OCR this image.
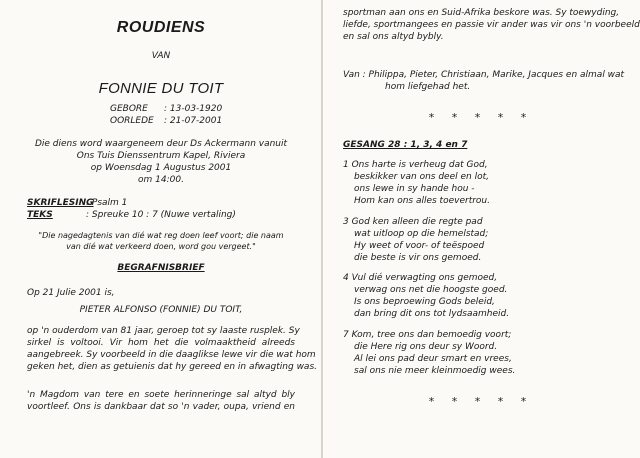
ROUDIENS
VAN
FONNIE DU TOIT
GEBORE : 13-03-1920
OORLEDE : 21-07-2001
Die diens word waargeneem deur Ds Ackermann vanuit
Ons Tuis Dienssentrum Kapel, Riviera
op Woensdag 1 Augustus 2001
om 14:00.
SKRIFLESING
: Psalm 1
TEKS	: Spreuke 10 : 7 (Nuwe vertaling)
"Die nagedagtenis van dié wat reg doen leef voort; die naam
van dié wat verkeerd doen, word gou vergeet."
BEGRAFNISBRIEF
Op 21 Julie 2001 is,
PIETER ALFONSO (FONNIE) DU TOIT,
op 'n ouderdom van 81 jaar, geroep tot sy laaste rusplek. Sy
sirkel is voltooi. Vir hom het die volmaaktheid alreeds
aangebreek. Sy voorbeeld in die daaglikse lewe vir die wat hom
geken het, dien as getuienis dat hy gereed en in afwagting was.
'n Magdom van tere en soete herinneringe sal altyd bly
voortleef. Ons is dankbaar dat so 'n vader, oupa, vriend en
sportman aan ons en Suid-Afrika beskore was. Sy toewyding,
liefde, sportmangees en passie vir ander was vir ons 'n voorbeeld
en sal ons altyd bybly.
Van : Philippa, Pieter, Christiaan, Marike, Jacques en almal wat
hom liefgehad het.
* * * * *
GESANG 28 : 1, 3, 4 en 7
1 Ons harte is verheug dat God,
beskikker van ons deel en lot,
ons lewe in sy hande hou -
Hom kan ons alles toevertrou.
3 God ken alleen die regte pad
wat uitloop op die hemelstad;
Hy weet of voor- of teëspoed
die beste is vir ons gemoed.
4 Vul dié verwagting ons gemoed,
verwag ons net die hoogste goed.
Is ons beproewing Gods beleid,
dan bring dit ons tot lydsaamheid.
7 Kom, tree ons dan bemoedig voort;
die Here rig ons deur sy Woord.
Al lei ons pad deur smart en vrees,
sal ons nie meer kleinmoedig wees.
* * * * *
